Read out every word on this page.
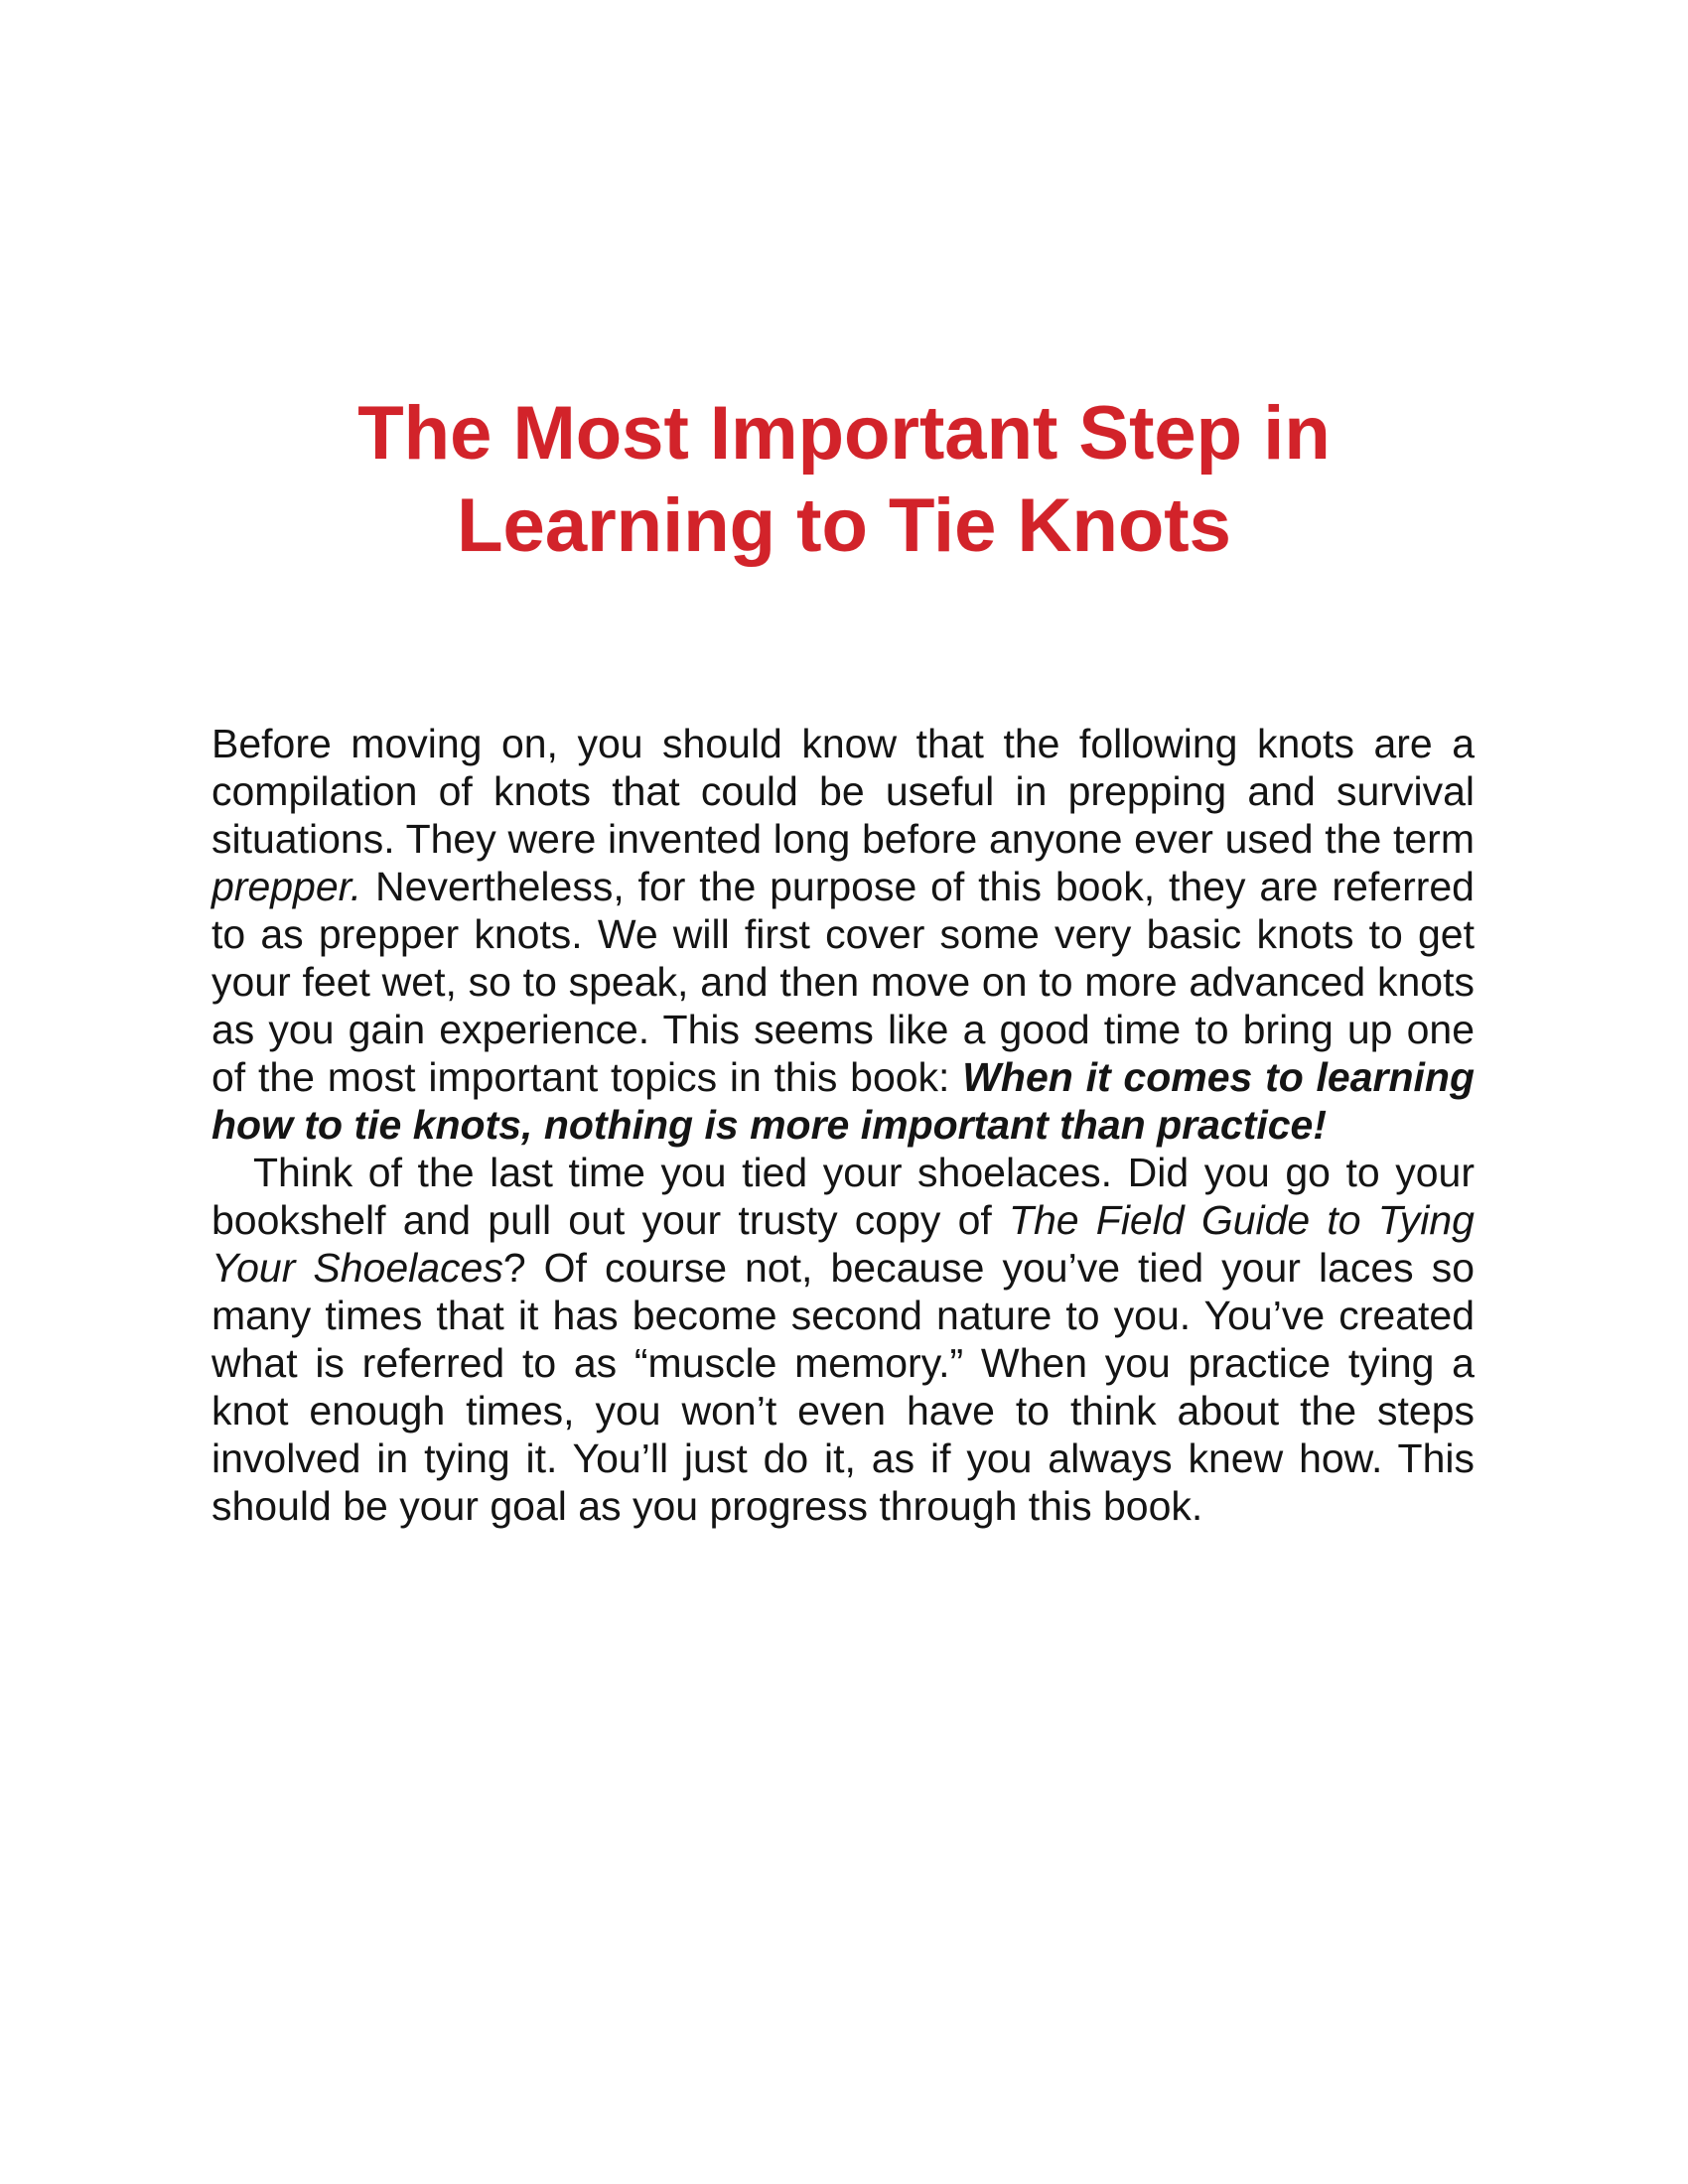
The Most Important Step in
Learning to Tie Knots

Before moving on, you should know that the following knots are a compilation of knots that could be useful in prepping and survival situations. They were invented long before anyone ever used the term prepper. Nevertheless, for the purpose of this book, they are referred to as prepper knots. We will first cover some very basic knots to get your feet wet, so to speak, and then move on to more advanced knots as you gain experience. This seems like a good time to bring up one of the most important topics in this book: When it comes to learning how to tie knots, nothing is more important than practice!

Think of the last time you tied your shoelaces. Did you go to your bookshelf and pull out your trusty copy of The Field Guide to Tying Your Shoelaces? Of course not, because you’ve tied your laces so many times that it has become second nature to you. You’ve created what is referred to as “muscle memory.” When you practice tying a knot enough times, you won’t even have to think about the steps involved in tying it. You’ll just do it, as if you always knew how. This should be your goal as you progress through this book.
